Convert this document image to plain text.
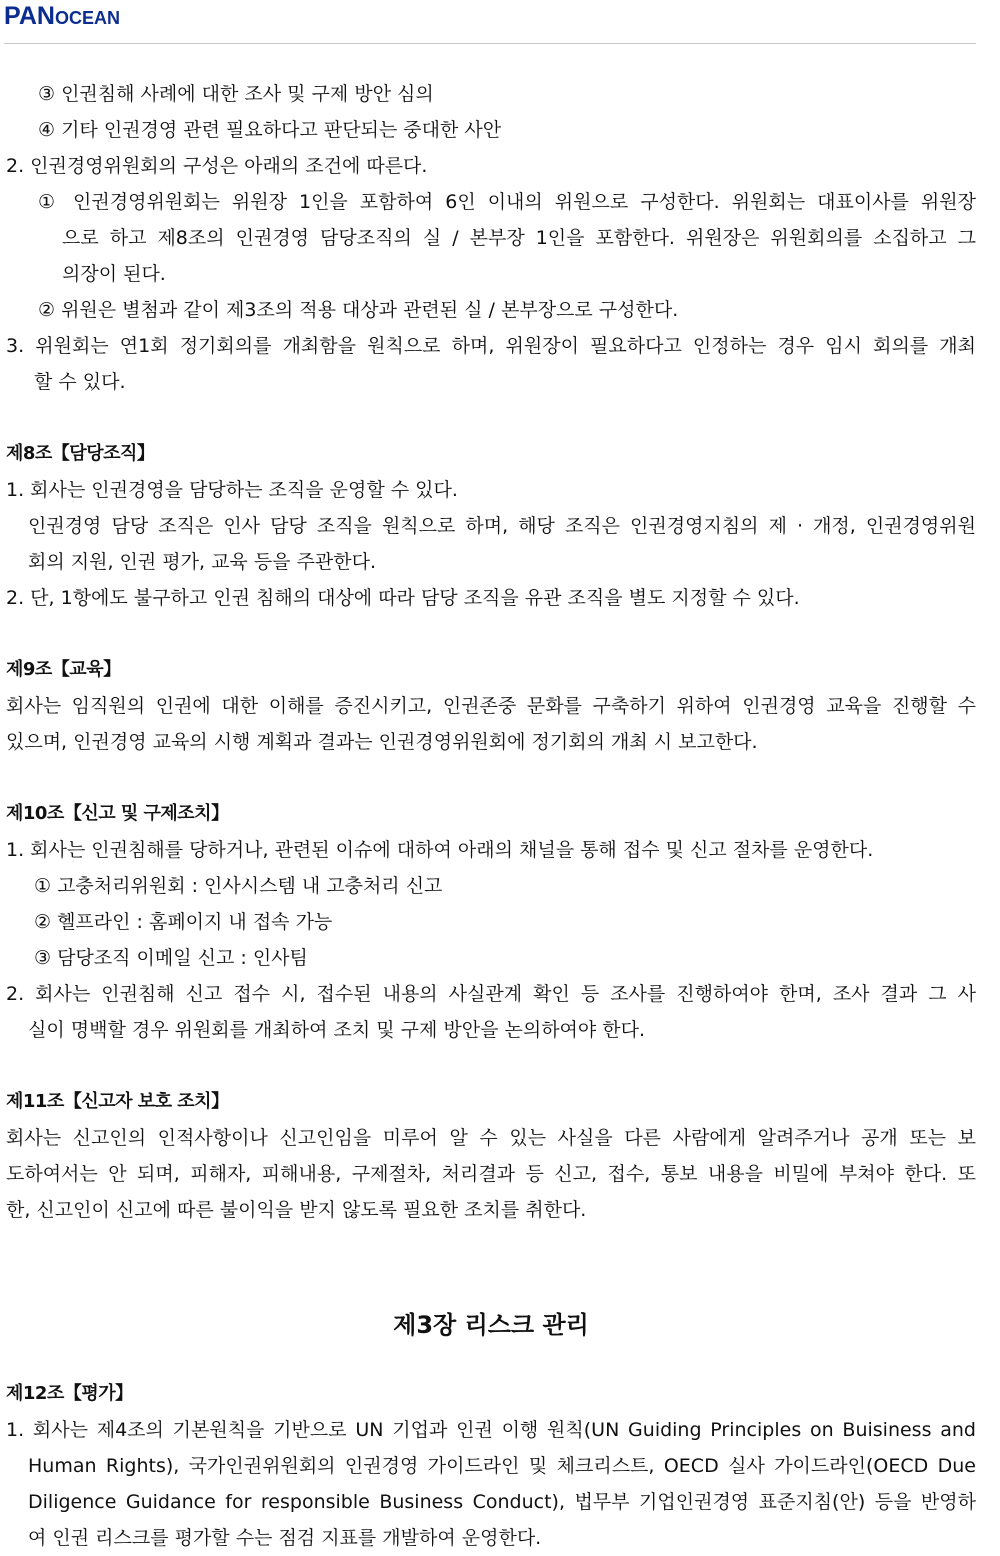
PANOCEAN
③ 인권침해 사례에 대한 조사 및 구제 방안 심의
④ 기타 인권경영 관련 필요하다고 판단되는 중대한 사안
2. 인권경영위원회의 구성은 아래의 조건에 따른다.
① 인권경영위원회는 위원장 1인을 포함하여 6인 이내의 위원으로 구성한다. 위원회는 대표이사를 위원장
으로 하고 제8조의 인권경영 담당조직의 실 / 본부장 1인을 포함한다. 위원장은 위원회의를 소집하고 그
의장이 된다.
② 위원은 별첨과 같이 제3조의 적용 대상과 관련된 실 / 본부장으로 구성한다.
3. 위원회는 연1회 정기회의를 개최함을 원칙으로 하며, 위원장이 필요하다고 인정하는 경우 임시 회의를 개최
할 수 있다.
제8조【담당조직】
1. 회사는 인권경영을 담당하는 조직을 운영할 수 있다.
인권경영 담당 조직은 인사 담당 조직을 원칙으로 하며, 해당 조직은 인권경영지침의 제 · 개정, 인권경영위원
회의 지원, 인권 평가, 교육 등을 주관한다.
2. 단, 1항에도 불구하고 인권 침해의 대상에 따라 담당 조직을 유관 조직을 별도 지정할 수 있다.
제9조【교육】
회사는 임직원의 인권에 대한 이해를 증진시키고, 인권존중 문화를 구축하기 위하여 인권경영 교육을 진행할 수
있으며, 인권경영 교육의 시행 계획과 결과는 인권경영위원회에 정기회의 개최 시 보고한다.
제10조【신고 및 구제조치】
1. 회사는 인권침해를 당하거나, 관련된 이슈에 대하여 아래의 채널을 통해 접수 및 신고 절차를 운영한다.
① 고충처리위원회 : 인사시스템 내 고충처리 신고
② 헬프라인 : 홈페이지 내 접속 가능
③ 담당조직 이메일 신고 : 인사팀
2. 회사는 인권침해 신고 접수 시, 접수된 내용의 사실관계 확인 등 조사를 진행하여야 한며, 조사 결과 그 사
실이 명백할 경우 위원회를 개최하여 조치 및 구제 방안을 논의하여야 한다.
제11조【신고자 보호 조치】
회사는 신고인의 인적사항이나 신고인임을 미루어 알 수 있는 사실을 다른 사람에게 알려주거나 공개 또는 보
도하여서는 안 되며, 피해자, 피해내용, 구제절차, 처리결과 등 신고, 접수, 통보 내용을 비밀에 부쳐야 한다. 또
한, 신고인이 신고에 따른 불이익을 받지 않도록 필요한 조치를 취한다.
제3장 리스크 관리
제12조【평가】
1. 회사는 제4조의 기본원칙을 기반으로 UN 기업과 인권 이행 원칙(UN Guiding Principles on Buisiness and
Human Rights), 국가인권위원회의 인권경영 가이드라인 및 체크리스트, OECD 실사 가이드라인(OECD Due
Diligence Guidance for responsible Business Conduct), 법무부 기업인권경영 표준지침(안) 등을 반영하
여 인권 리스크를 평가할 수는 점검 지표를 개발하여 운영한다.
